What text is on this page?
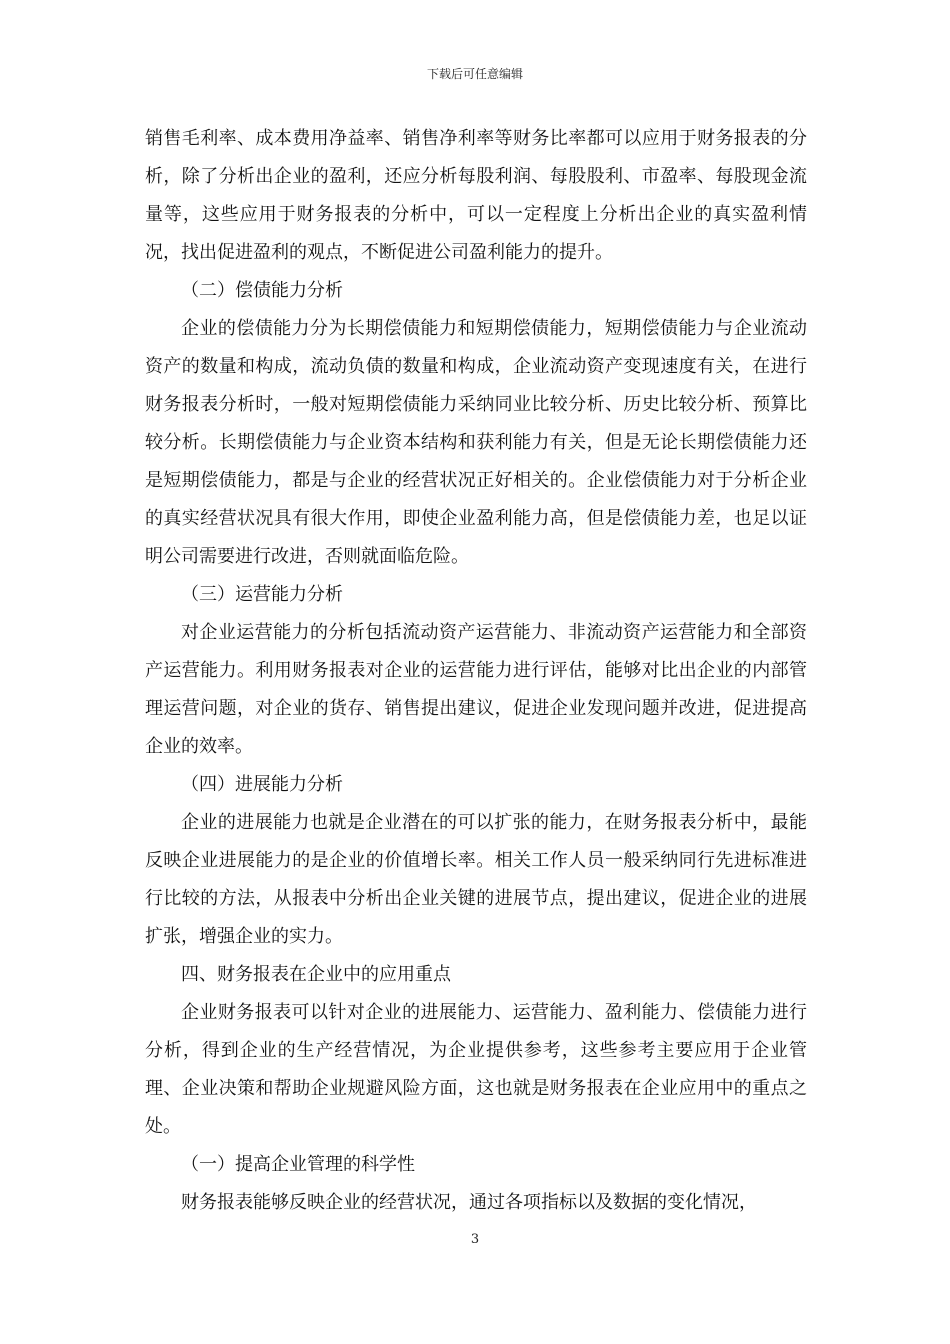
下载后可任意编辑

销售毛利率、成本费用净益率、销售净利率等财务比率都可以应用于财务报表的分析，除了分析出企业的盈利，还应分析每股利润、每股股利、市盈率、每股现金流量等，这些应用于财务报表的分析中，可以一定程度上分析出企业的真实盈利情况，找出促进盈利的观点，不断促进公司盈利能力的提升。

（二）偿债能力分析

企业的偿债能力分为长期偿债能力和短期偿债能力，短期偿债能力与企业流动资产的数量和构成，流动负债的数量和构成，企业流动资产变现速度有关，在进行财务报表分析时，一般对短期偿债能力采纳同业比较分析、历史比较分析、预算比较分析。长期偿债能力与企业资本结构和获利能力有关，但是无论长期偿债能力还是短期偿债能力，都是与企业的经营状况正好相关的。企业偿债能力对于分析企业的真实经营状况具有很大作用，即使企业盈利能力高，但是偿债能力差，也足以证明公司需要进行改进，否则就面临危险。

（三）运营能力分析

对企业运营能力的分析包括流动资产运营能力、非流动资产运营能力和全部资产运营能力。利用财务报表对企业的运营能力进行评估，能够对比出企业的内部管理运营问题，对企业的货存、销售提出建议，促进企业发现问题并改进，促进提高企业的效率。

（四）进展能力分析

企业的进展能力也就是企业潜在的可以扩张的能力，在财务报表分析中，最能反映企业进展能力的是企业的价值增长率。相关工作人员一般采纳同行先进标准进行比较的方法，从报表中分析出企业关键的进展节点，提出建议，促进企业的进展扩张，增强企业的实力。

四、财务报表在企业中的应用重点

企业财务报表可以针对企业的进展能力、运营能力、盈利能力、偿债能力进行分析，得到企业的生产经营情况，为企业提供参考，这些参考主要应用于企业管理、企业决策和帮助企业规避风险方面，这也就是财务报表在企业应用中的重点之处。

（一）提高企业管理的科学性

财务报表能够反映企业的经营状况，通过各项指标以及数据的变化情况，

3
